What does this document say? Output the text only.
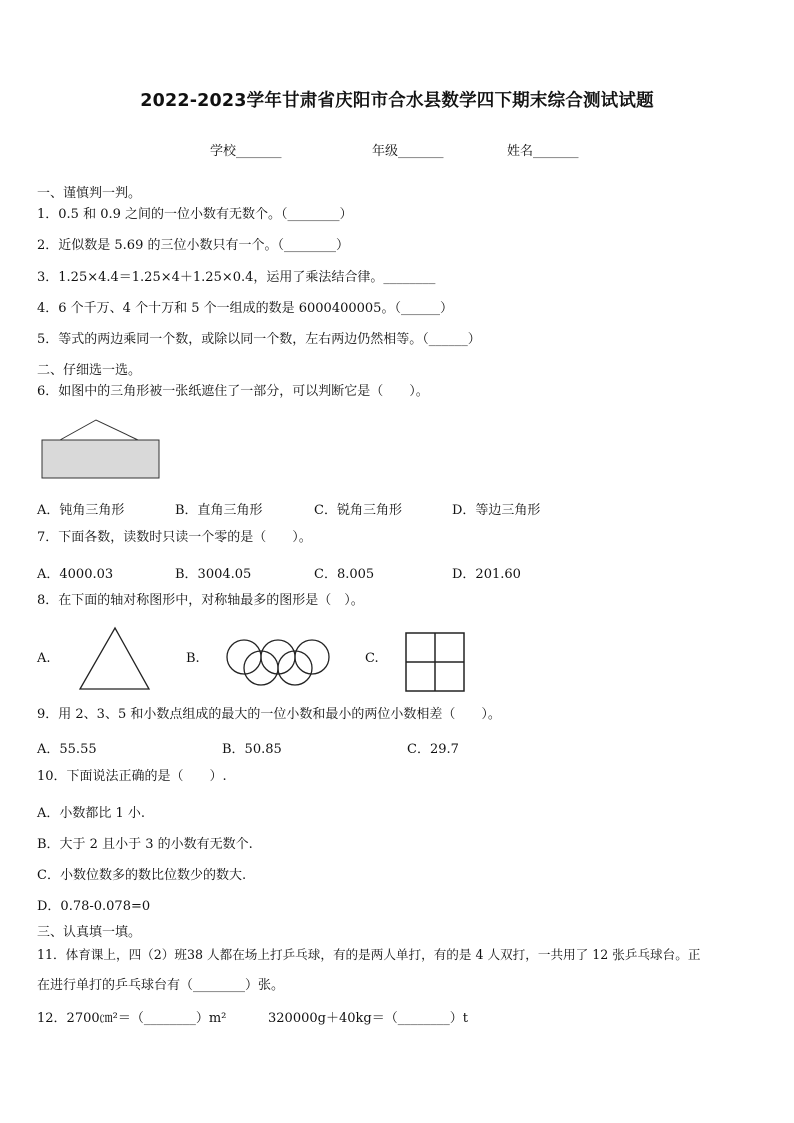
2022-2023学年甘肃省庆阳市合水县数学四下期末综合测试试题
学校_______	年级_______	姓名_______
一、谨慎判一判。
1．0.5 和 0.9 之间的一位小数有无数个。（________）
2．近似数是 5.69 的三位小数只有一个。（________）
3．1.25×4.4＝1.25×4＋1.25×0.4，运用了乘法结合律。________
4．6 个千万、4 个十万和 5 个一组成的数是 6000400005。（______）
5．等式的两边乘同一个数，或除以同一个数，左右两边仍然相等。（______）
二、仔细选一选。
6．如图中的三角形被一张纸遮住了一部分，可以判断它是（　　）。
A．钝角三角形	B．直角三角形	C．锐角三角形	D．等边三角形
7．下面各数，读数时只读一个零的是（　　）。
A．4000.03	B．3004.05	C．8.005	D．201.60
8．在下面的轴对称图形中，对称轴最多的图形是（　）。
A.	B.	C.
9．用 2、3、5 和小数点组成的最大的一位小数和最小的两位小数相差（　　）。
A．55.55	B．50.85	C．29.7
10．下面说法正确的是（　　）.
A．小数都比 1 小.
B．大于 2 且小于 3 的小数有无数个.
C．小数位数多的数比位数少的数大.
D．0.78-0.078=0
三、认真填一填。
11．体育课上，四（2）班38 人都在场上打乒乓球，有的是两人单打，有的是 4 人双打，一共用了 12 张乒乓球台。正
在进行单打的乒乓球台有（________）张。
12．2700㎝²＝（________）m²	320000g＋40kg＝（________）t
